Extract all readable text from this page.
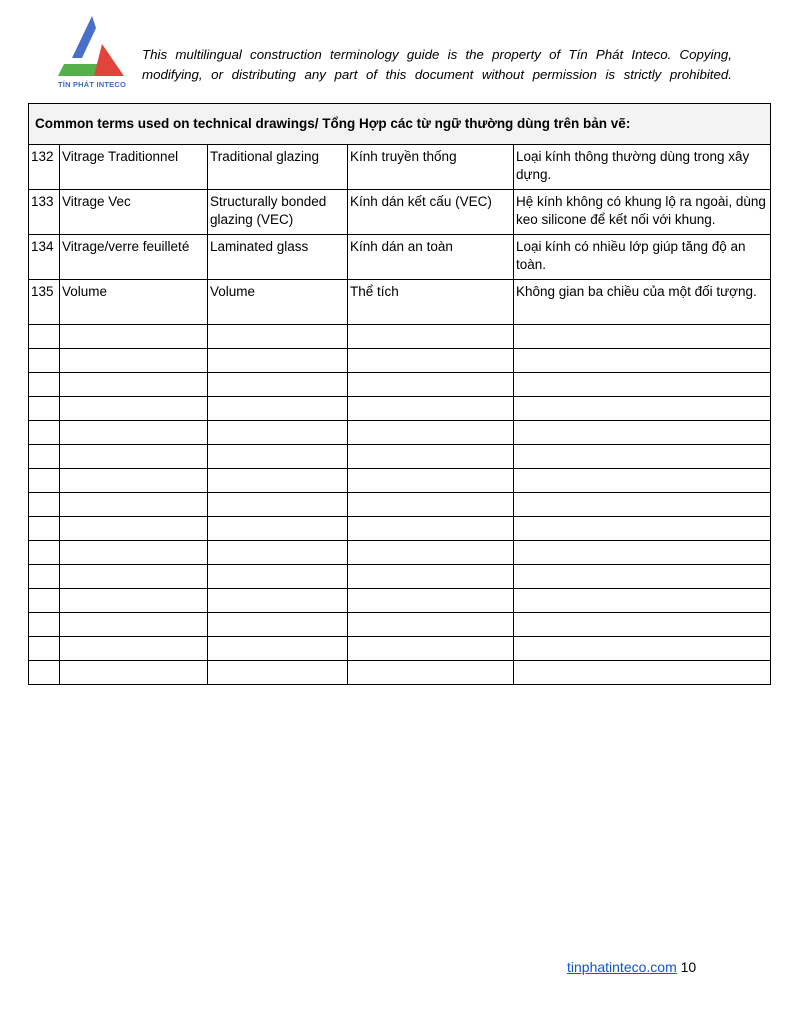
TÍN PHÁT INTECO
This multilingual construction terminology guide is the property of Tín Phát Inteco. Copying, modifying, or distributing any part of this document without permission is strictly prohibited.
Common terms used on technical drawings/ Tổng Hợp các từ ngữ thường dùng trên bản vẽ:				
132	Vitrage Traditionnel	Traditional glazing	Kính truyền thống	Loại kính thông thường dùng trong xây dựng.
133	Vitrage Vec	Structurally bonded glazing (VEC)	Kính dán kết cấu (VEC)	Hệ kính không có khung lộ ra ngoài, dùng keo silicone để kết nối với khung.
134	Vitrage/verre feuilleté	Laminated glass	Kính dán an toàn	Loại kính có nhiều lớp giúp tăng độ an toàn.
135	Volume	Volume	Thể tích	Không gian ba chiều của một đối tượng.

tinphatinteco.com 10
